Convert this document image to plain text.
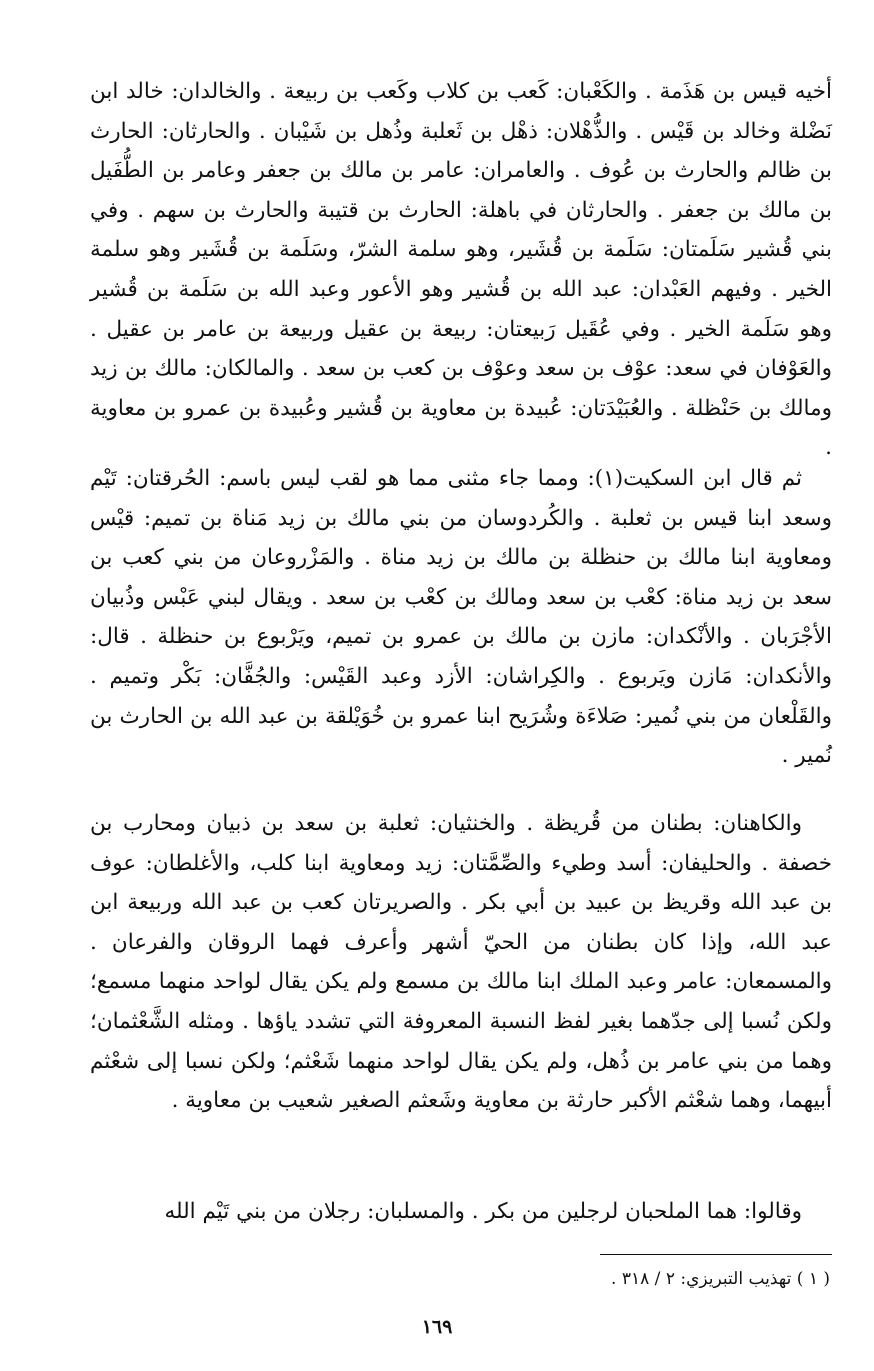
أخيه قيس بن هَذَمة . والكَعْبان: كَعب بن كلاب وكَعب بن ربيعة . والخالدان: خالد ابن نَضْلة وخالد بن قَيْس . والذُّهْلان: ذهْل بن ثَعلبة وذُهل بن شَيْبان . والحارثان: الحارث بن ظالم والحارث بن عُوف . والعامران: عامر بن مالك بن جعفر وعامر بن الطُّفَيل بن مالك بن جعفر . والحارثان في باهلة: الحارث بن قتيبة والحارث بن سهم . وفي بني قُشير سَلَمتان: سَلَمة بن قُشَير، وهو سلمة الشرّ، وسَلَمة بن قُشَير وهو سلمة الخير . وفيهم العَبْدان: عبد الله بن قُشير وهو الأعور وعبد الله بن سَلَمة بن قُشير وهو سَلَمة الخير . وفي عُقَيل رَبيعتان: ربيعة بن عقيل وربيعة بن عامر بن عقيل . والعَوْفان في سعد: عوْف بن سعد وعوْف بن كعب بن سعد . والمالكان: مالك بن زيد ومالك بن حَنْظلة . والعُبَيْدَتان: عُبيدة بن معاوية بن قُشير وعُبيدة بن عمرو بن معاوية .

ثم قال ابن السكيت(١): ومما جاء مثنى مما هو لقب ليس باسم: الحُرقتان: تَيْم وسعد ابنا قيس بن ثعلبة . والكُردوسان من بني مالك بن زيد مَناة بن تميم: قيْس ومعاوية ابنا مالك بن حنظلة بن مالك بن زيد مناة . والمَزْروعان من بني كعب بن سعد بن زيد مناة: كعْب بن سعد ومالك بن كعْب بن سعد . ويقال لبني عَبْس وذُبيان الأجْرَبان . والأنْكدان: مازن بن مالك بن عمرو بن تميم، ويَرْبوع بن حنظلة . قال: والأنكدان: مَازن ويَربوع . والكِراشان: الأزد وعبد القَيْس: والجُفَّان: بَكْر وتميم . والقَلْعان من بني نُمير: صَلاءَة وشُرَيح ابنا عمرو بن خُوَيْلقة بن عبد الله بن الحارث بن نُمير .

والكاهنان: بطنان من قُريظة . والخنثيان: ثعلبة بن سعد بن ذبيان ومحارب بن خصفة . والحليفان: أسد وطيء والصِّمَّتان: زيد ومعاوية ابنا كلب، والأغلطان: عوف بن عبد الله وقريظ بن عبيد بن أبي بكر . والصريرتان كعب بن عبد الله وربيعة ابن عبد الله، وإذا كان بطنان من الحيّ أشهر وأعرف فهما الروقان والفرعان . والمسمعان: عامر وعبد الملك ابنا مالك بن مسمع ولم يكن يقال لواحد منهما مسمع؛ ولكن نُسبا إلى جدّهما بغير لفظ النسبة المعروفة التي تشدد ياؤها . ومثله الشَّعْثمان؛ وهما من بني عامر بن ذُهل، ولم يكن يقال لواحد منهما شَعْثم؛ ولكن نسبا إلى شعْثم أبيهما، وهما شعْثم الأكبر حارثة بن معاوية وشَعثم الصغير شعيب بن معاوية .

وقالوا: هما الملحبان لرجلين من بكر . والمسلبان: رجلان من بني تَيْم الله

( ١ ) تهذيب التبريزي: ٢ / ٣١٨ .

١٦٩
